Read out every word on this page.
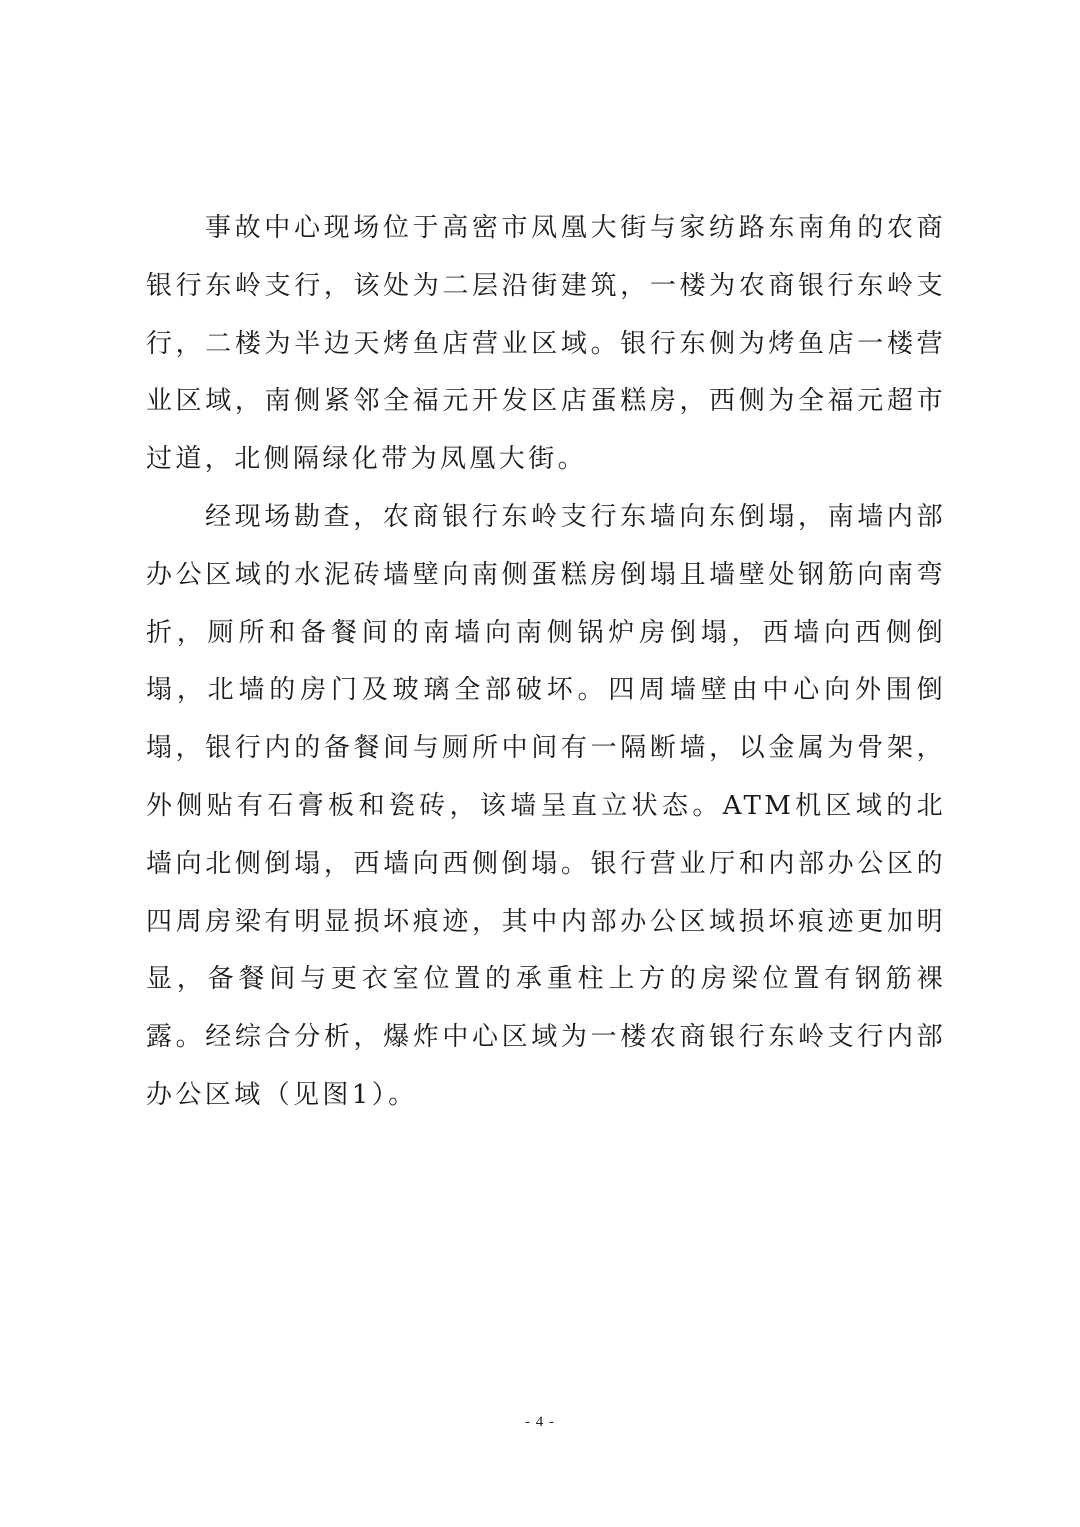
事故中心现场位于高密市凤凰大街与家纺路东南角的农商银行东岭支行，该处为二层沿街建筑，一楼为农商银行东岭支行，二楼为半边天烤鱼店营业区域。银行东侧为烤鱼店一楼营业区域，南侧紧邻全福元开发区店蛋糕房，西侧为全福元超市过道，北侧隔绿化带为凤凰大街。

经现场勘查，农商银行东岭支行东墙向东倒塌，南墙内部办公区域的水泥砖墙壁向南侧蛋糕房倒塌且墙壁处钢筋向南弯折，厕所和备餐间的南墙向南侧锅炉房倒塌，西墙向西侧倒塌，北墙的房门及玻璃全部破坏。四周墙壁由中心向外围倒塌，银行内的备餐间与厕所中间有一隔断墙，以金属为骨架，外侧贴有石膏板和瓷砖，该墙呈直立状态。ATM机区域的北墙向北侧倒塌，西墙向西侧倒塌。银行营业厅和内部办公区的四周房梁有明显损坏痕迹，其中内部办公区域损坏痕迹更加明显，备餐间与更衣室位置的承重柱上方的房梁位置有钢筋裸露。经综合分析，爆炸中心区域为一楼农商银行东岭支行内部办公区域（见图1）。

- 4 -
